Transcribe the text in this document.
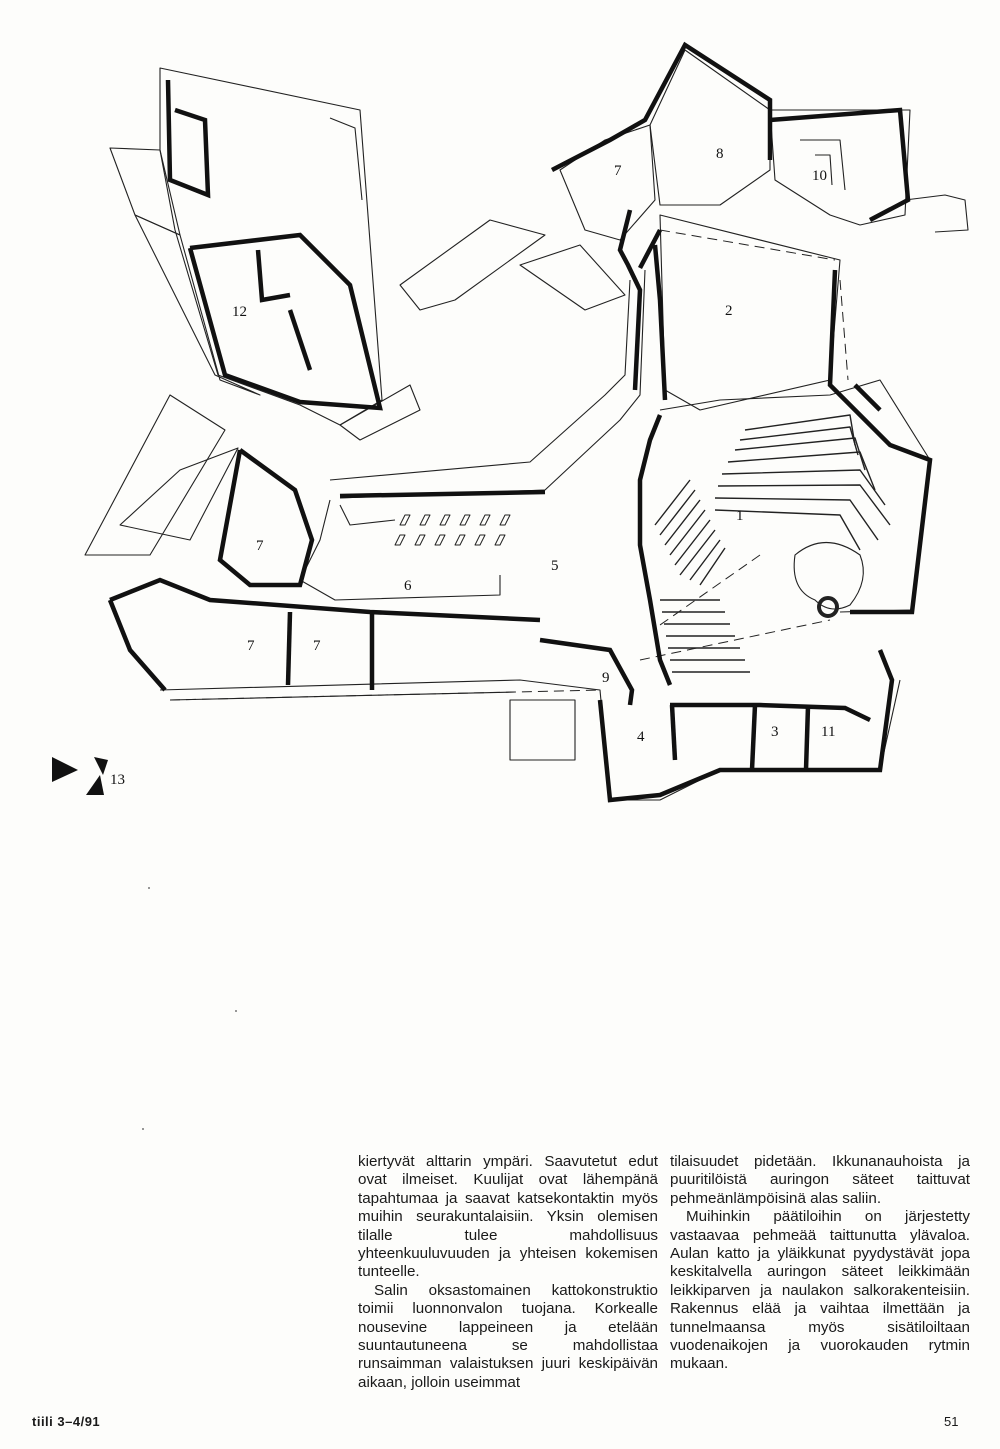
1
2
3
4
5
6
7
7
7	7
8
9
10
11
12
13

kiertyvät alttarin ympäri. Saavutetut edut ovat ilmeiset. Kuulijat ovat lähempänä tapahtumaa ja saavat katsekontaktin myös muihin seurakuntalaisiin. Yksin olemisen tilalle tulee mahdollisuus yhteenkuuluvuuden ja yhteisen kokemisen tunteelle.

Salin oksastomainen kattokonstruktio toimii luonnonvalon tuojana. Korkealle nousevine lappeineen ja etelään suuntautuneena se mahdollistaa runsaimman valaistuksen juuri keskipäivän aikaan, jolloin useimmat

tilaisuudet pidetään. Ikkunanauhoista ja puuritilöistä auringon säteet taittuvat pehmeänlämpöisinä alas saliin.

Muihinkin päätiloihin on järjestetty vastaavaa pehmeää taittunutta ylävaloa. Aulan katto ja yläikkunat pyydystävät jopa keskitalvella auringon säteet leikkimään leikkiparven ja naulakon salkorakenteisiin. Rakennus elää ja vaihtaa ilmettään ja tunnelmaansa myös sisätiloiltaan vuodenaikojen ja vuorokauden rytmin mukaan.

tiili 3–4/91	51
